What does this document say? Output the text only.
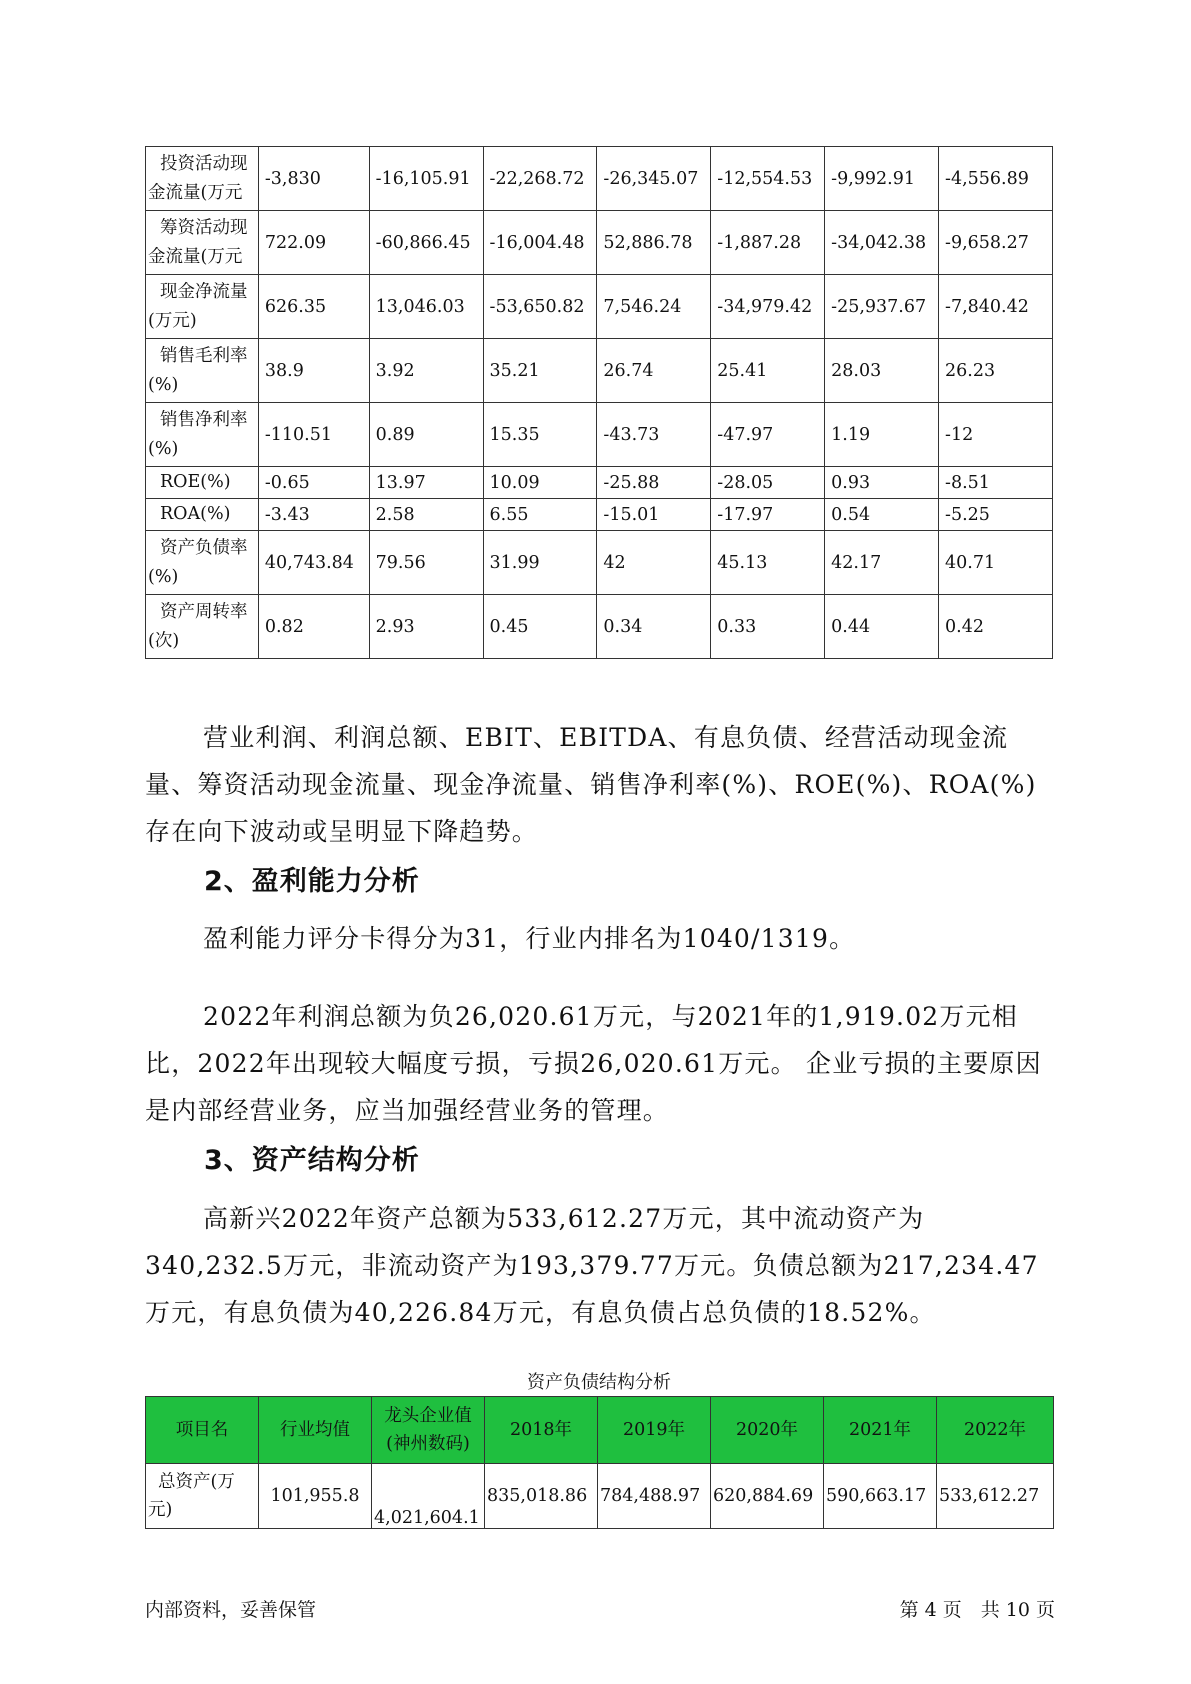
投资活动现金流量(万元	-3,830	-16,105.91	-22,268.72	-26,345.07	-12,554.53	-9,992.91	-4,556.89
筹资活动现金流量(万元	722.09	-60,866.45	-16,004.48	52,886.78	-1,887.28	-34,042.38	-9,658.27
现金净流量(万元)	626.35	13,046.03	-53,650.82	7,546.24	-34,979.42	-25,937.67	-7,840.42
销售毛利率(%)	38.9	3.92	35.21	26.74	25.41	28.03	26.23
销售净利率(%)	-110.51	0.89	15.35	-43.73	-47.97	1.19	-12
ROE(%)	-0.65	13.97	10.09	-25.88	-28.05	0.93	-8.51
ROA(%)	-3.43	2.58	6.55	-15.01	-17.97	0.54	-5.25
资产负债率(%)	40,743.84	79.56	31.99	42	45.13	42.17	40.71
资产周转率(次)	0.82	2.93	0.45	0.34	0.33	0.44	0.42

营业利润、利润总额、EBIT、EBITDA、有息负债、经营活动现金流量、筹资活动现金流量、现金净流量、销售净利率(%)、ROE(%)、ROA(%)存在向下波动或呈明显下降趋势。

2、盈利能力分析

盈利能力评分卡得分为31，行业内排名为1040/1319。

2022年利润总额为负26,020.61万元，与2021年的1,919.02万元相比，2022年出现较大幅度亏损，亏损26,020.61万元。 企业亏损的主要原因是内部经营业务，应当加强经营业务的管理。

3、资产结构分析

高新兴2022年资产总额为533,612.27万元，其中流动资产为340,232.5万元，非流动资产为193,379.77万元。负债总额为217,234.47万元，有息负债为40,226.84万元，有息负债占总负债的18.52%。

资产负债结构分析
项目名	行业均值	龙头企业值(神州数码)	2018年	2019年	2020年	2021年	2022年
总资产(万元)	101,955.8	4,021,604.1	835,018.86	784,488.97	620,884.69	590,663.17	533,612.27
内部资料，妥善保管	第 4 页　共 10 页
